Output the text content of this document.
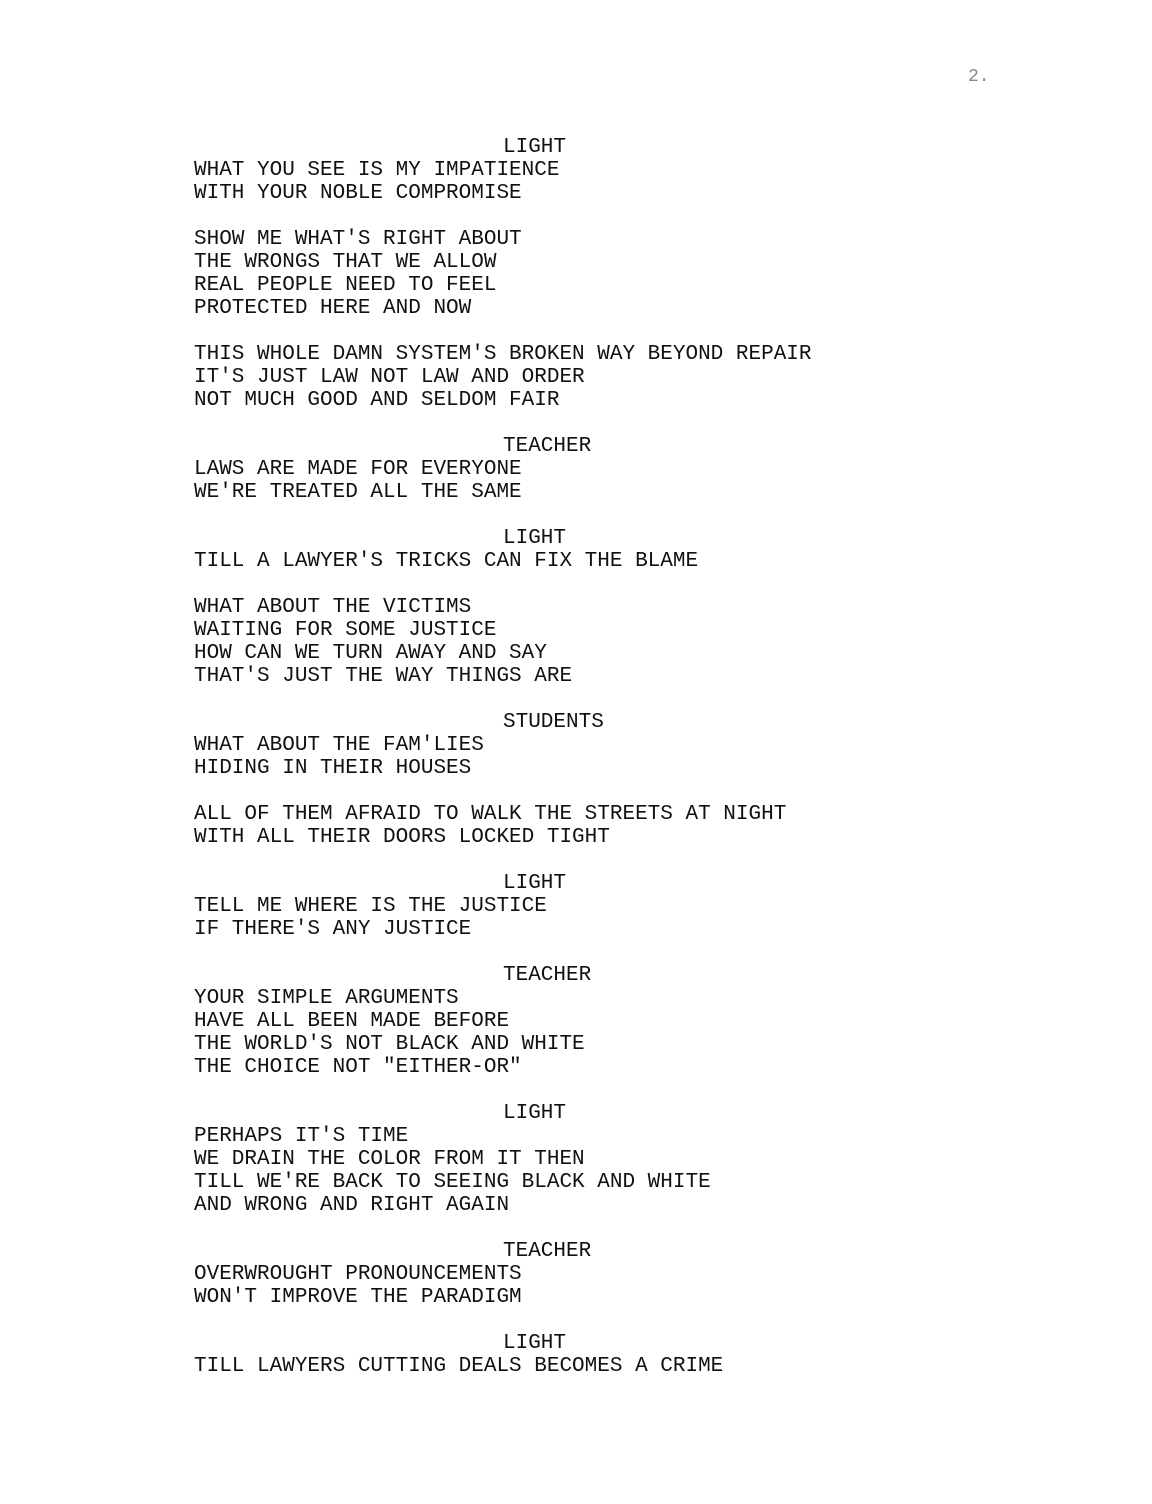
2.
LIGHT
WHAT YOU SEE IS MY IMPATIENCE
WITH YOUR NOBLE COMPROMISE
SHOW ME WHAT'S RIGHT ABOUT
THE WRONGS THAT WE ALLOW
REAL PEOPLE NEED TO FEEL
PROTECTED HERE AND NOW
THIS WHOLE DAMN SYSTEM'S BROKEN WAY BEYOND REPAIR
IT'S JUST LAW NOT LAW AND ORDER
NOT MUCH GOOD AND SELDOM FAIR
TEACHER
LAWS ARE MADE FOR EVERYONE
WE'RE TREATED ALL THE SAME
LIGHT
TILL A LAWYER'S TRICKS CAN FIX THE BLAME
WHAT ABOUT THE VICTIMS
WAITING FOR SOME JUSTICE
HOW CAN WE TURN AWAY AND SAY
THAT'S JUST THE WAY THINGS ARE
STUDENTS
WHAT ABOUT THE FAM'LIES
HIDING IN THEIR HOUSES
ALL OF THEM AFRAID TO WALK THE STREETS AT NIGHT
WITH ALL THEIR DOORS LOCKED TIGHT
LIGHT
TELL ME WHERE IS THE JUSTICE
IF THERE'S ANY JUSTICE
TEACHER
YOUR SIMPLE ARGUMENTS
HAVE ALL BEEN MADE BEFORE
THE WORLD'S NOT BLACK AND WHITE
THE CHOICE NOT "EITHER-OR"
LIGHT
PERHAPS IT'S TIME
WE DRAIN THE COLOR FROM IT THEN
TILL WE'RE BACK TO SEEING BLACK AND WHITE
AND WRONG AND RIGHT AGAIN
TEACHER
OVERWROUGHT PRONOUNCEMENTS
WON'T IMPROVE THE PARADIGM
LIGHT
TILL LAWYERS CUTTING DEALS BECOMES A CRIME
